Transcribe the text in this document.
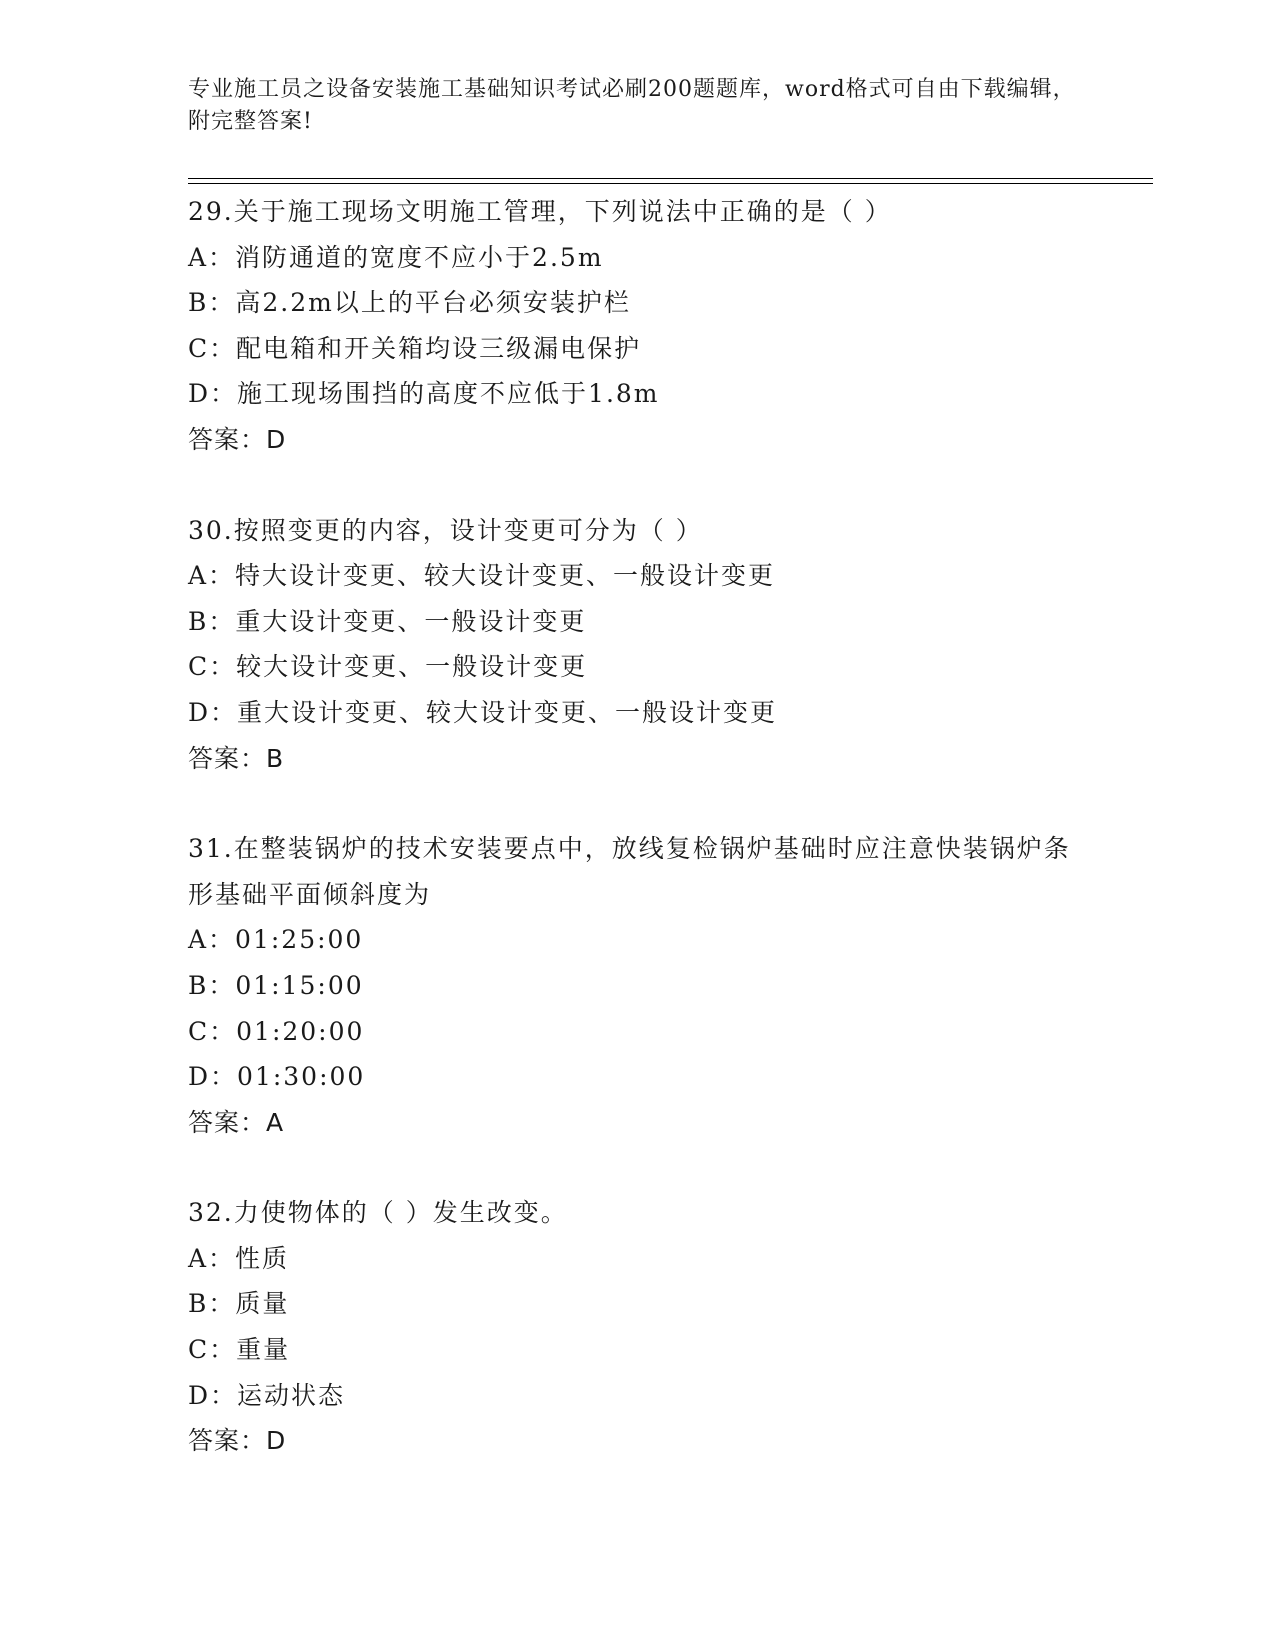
专业施工员之设备安装施工基础知识考试必刷200题题库，word格式可自由下载编辑，附完整答案!
29.关于施工现场文明施工管理，下列说法中正确的是（ ）
A：消防通道的宽度不应小于2.5m
B：高2.2m以上的平台必须安装护栏
C：配电箱和开关箱均设三级漏电保护
D：施工现场围挡的高度不应低于1.8m
答案：D
30.按照变更的内容，设计变更可分为（ ）
A：特大设计变更、较大设计变更、一般设计变更
B：重大设计变更、一般设计变更
C：较大设计变更、一般设计变更
D：重大设计变更、较大设计变更、一般设计变更
答案：B
31.在整装锅炉的技术安装要点中，放线复检锅炉基础时应注意快装锅炉条形基础平面倾斜度为
A：01:25:00
B：01:15:00
C：01:20:00
D：01:30:00
答案：A
32.力使物体的（ ）发生改变。
A：性质
B：质量
C：重量
D：运动状态
答案：D
